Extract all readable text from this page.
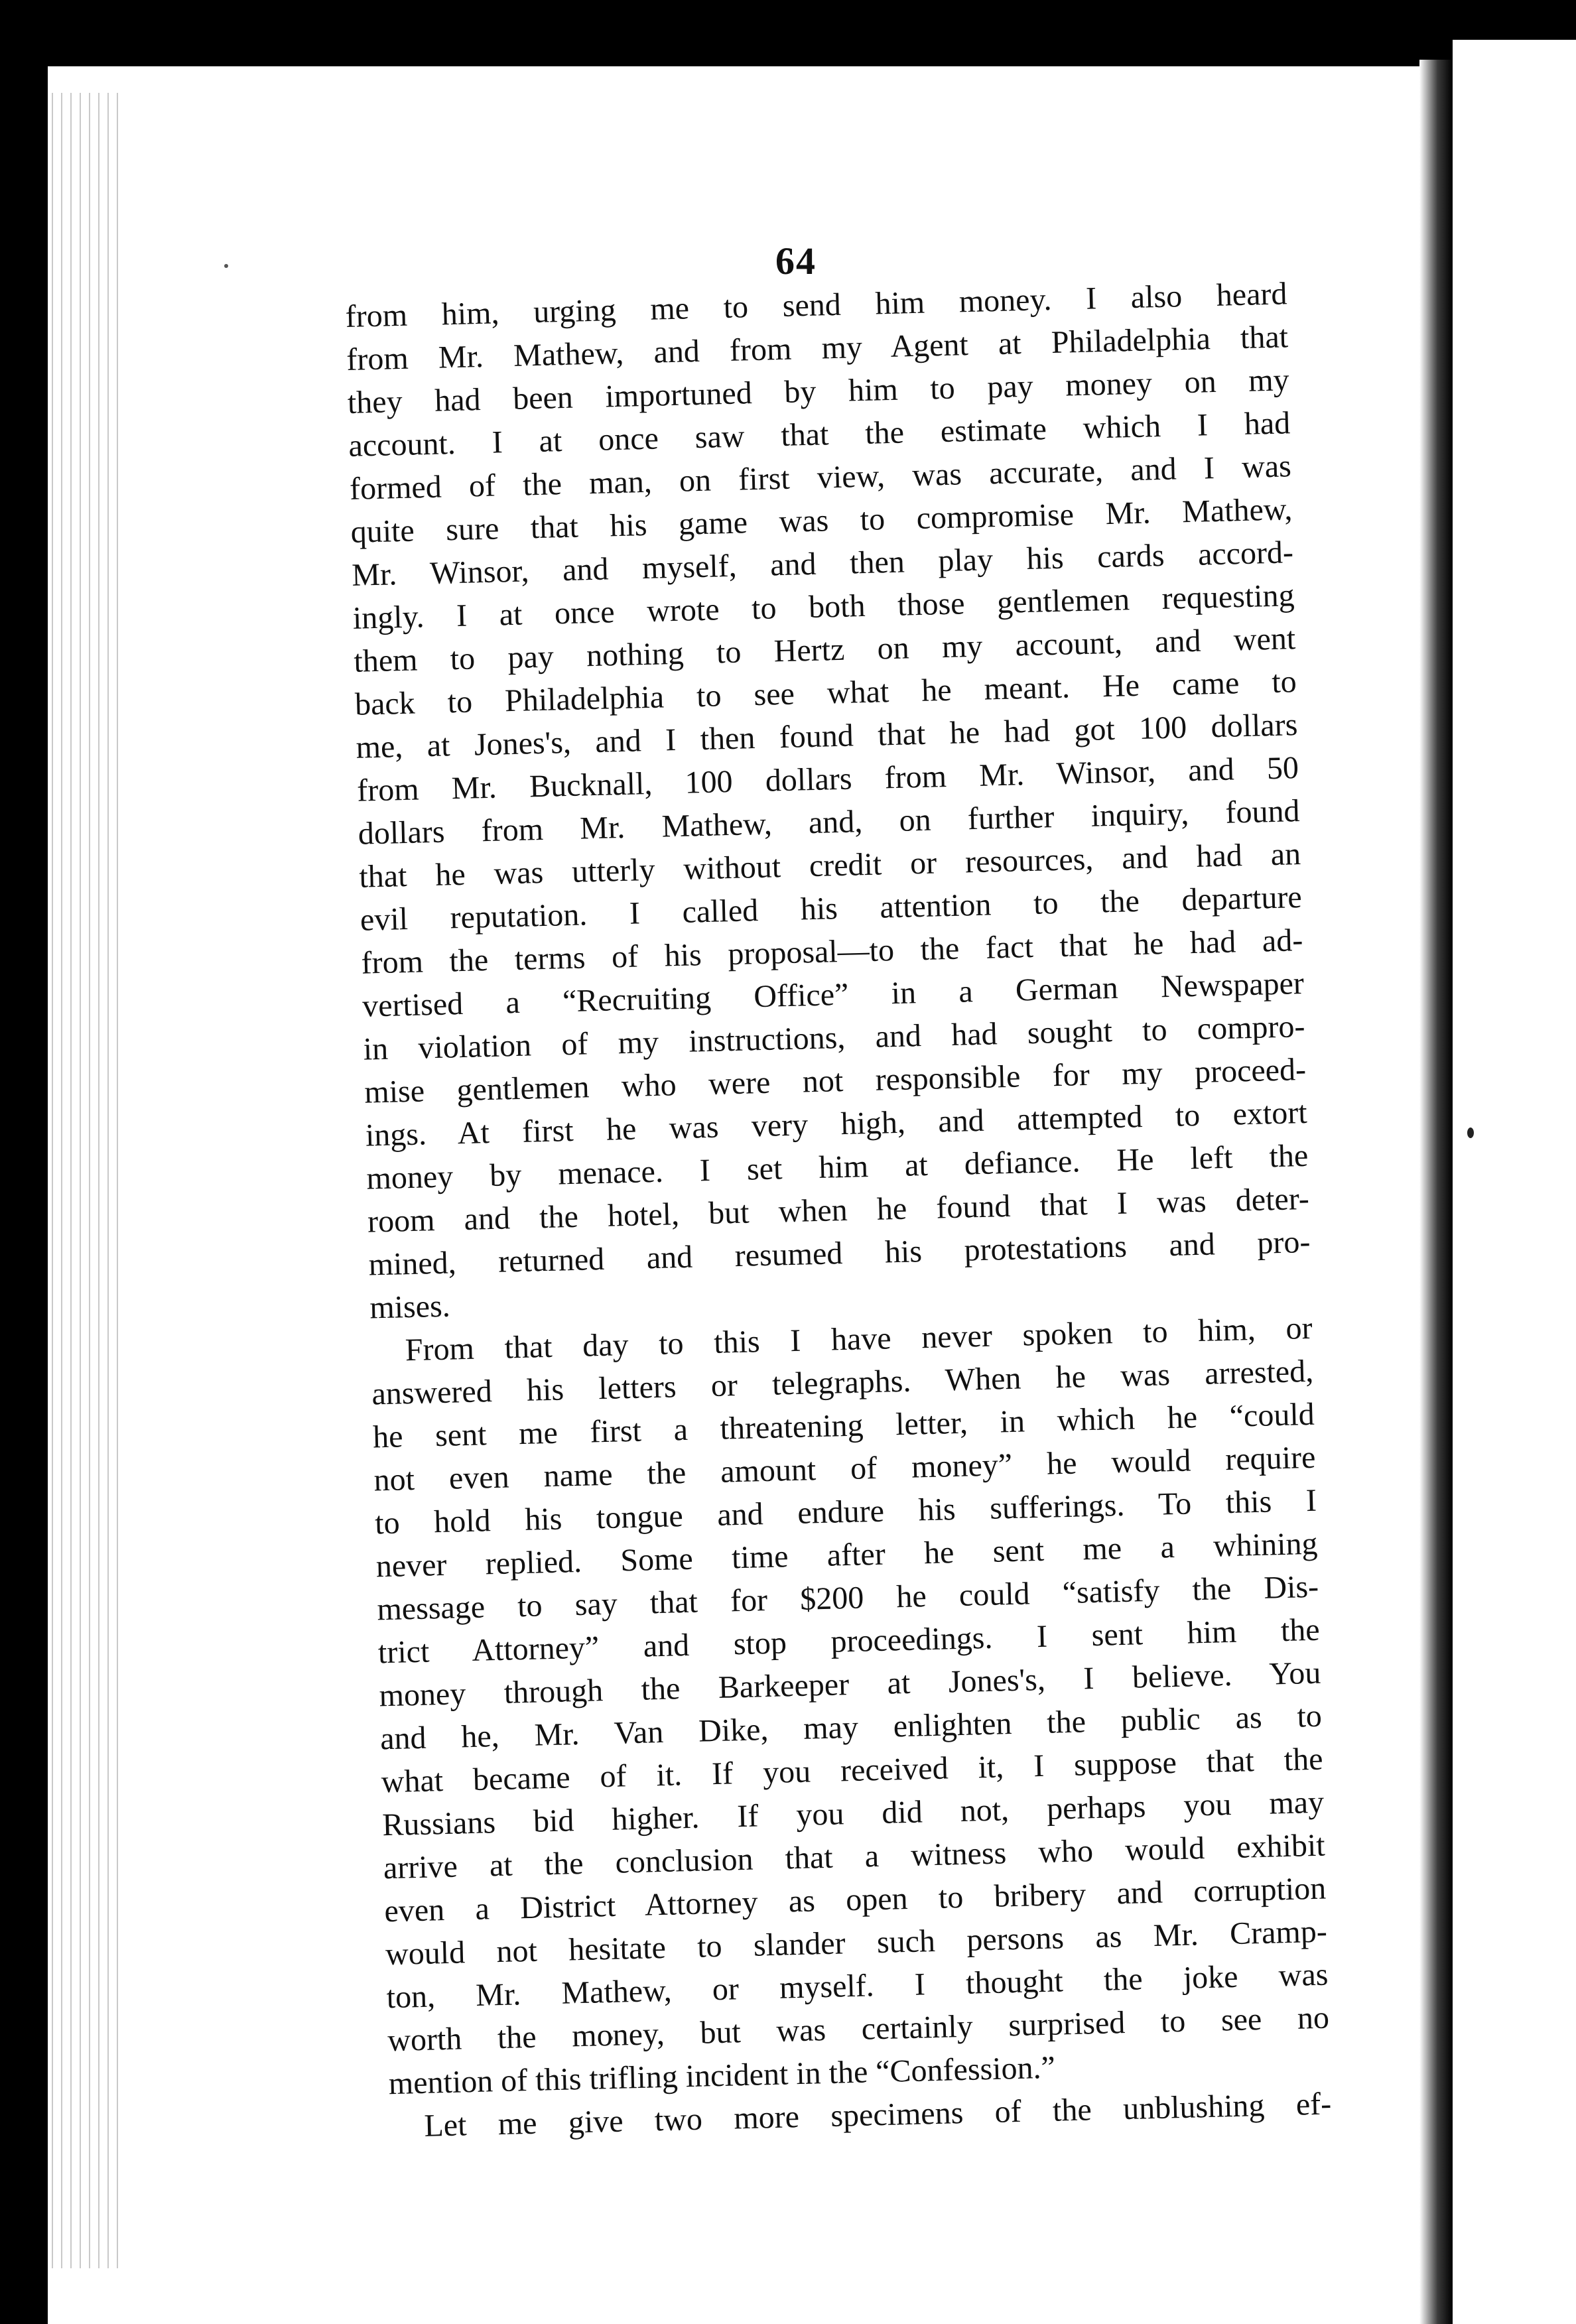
64
from him, urging me to send him money. I also heard
from Mr. Mathew, and from my Agent at Philadelphia that
they had been importuned by him to pay money on my
account. I at once saw that the estimate which I had
formed of the man, on first view, was accurate, and I was
quite sure that his game was to compromise Mr. Mathew,
Mr. Winsor, and myself, and then play his cards accord-
ingly. I at once wrote to both those gentlemen requesting
them to pay nothing to Hertz on my account, and went
back to Philadelphia to see what he meant. He came to
me, at Jones's, and I then found that he had got 100 dollars
from Mr. Bucknall, 100 dollars from Mr. Winsor, and 50
dollars from Mr. Mathew, and, on further inquiry, found
that he was utterly without credit or resources, and had an
evil reputation. I called his attention to the departure
from the terms of his proposal—to the fact that he had ad-
vertised a “Recruiting Office” in a German Newspaper
in violation of my instructions, and had sought to compro-
mise gentlemen who were not responsible for my proceed-
ings. At first he was very high, and attempted to extort
money by menace. I set him at defiance. He left the
room and the hotel, but when he found that I was deter-
mined, returned and resumed his protestations and pro-
mises.
From that day to this I have never spoken to him, or
answered his letters or telegraphs. When he was arrested,
he sent me first a threatening letter, in which he “could
not even name the amount of money” he would require
to hold his tongue and endure his sufferings. To this I
never replied. Some time after he sent me a whining
message to say that for $200 he could “satisfy the Dis-
trict Attorney” and stop proceedings. I sent him the
money through the Barkeeper at Jones's, I believe. You
and he, Mr. Van Dike, may enlighten the public as to
what became of it. If you received it, I suppose that the
Russians bid higher. If you did not, perhaps you may
arrive at the conclusion that a witness who would exhibit
even a District Attorney as open to bribery and corruption
would not hesitate to slander such persons as Mr. Cramp-
ton, Mr. Mathew, or myself. I thought the joke was
worth the money, but was certainly surprised to see no
mention of this trifling incident in the “Confession.”
Let me give two more specimens of the unblushing ef-
